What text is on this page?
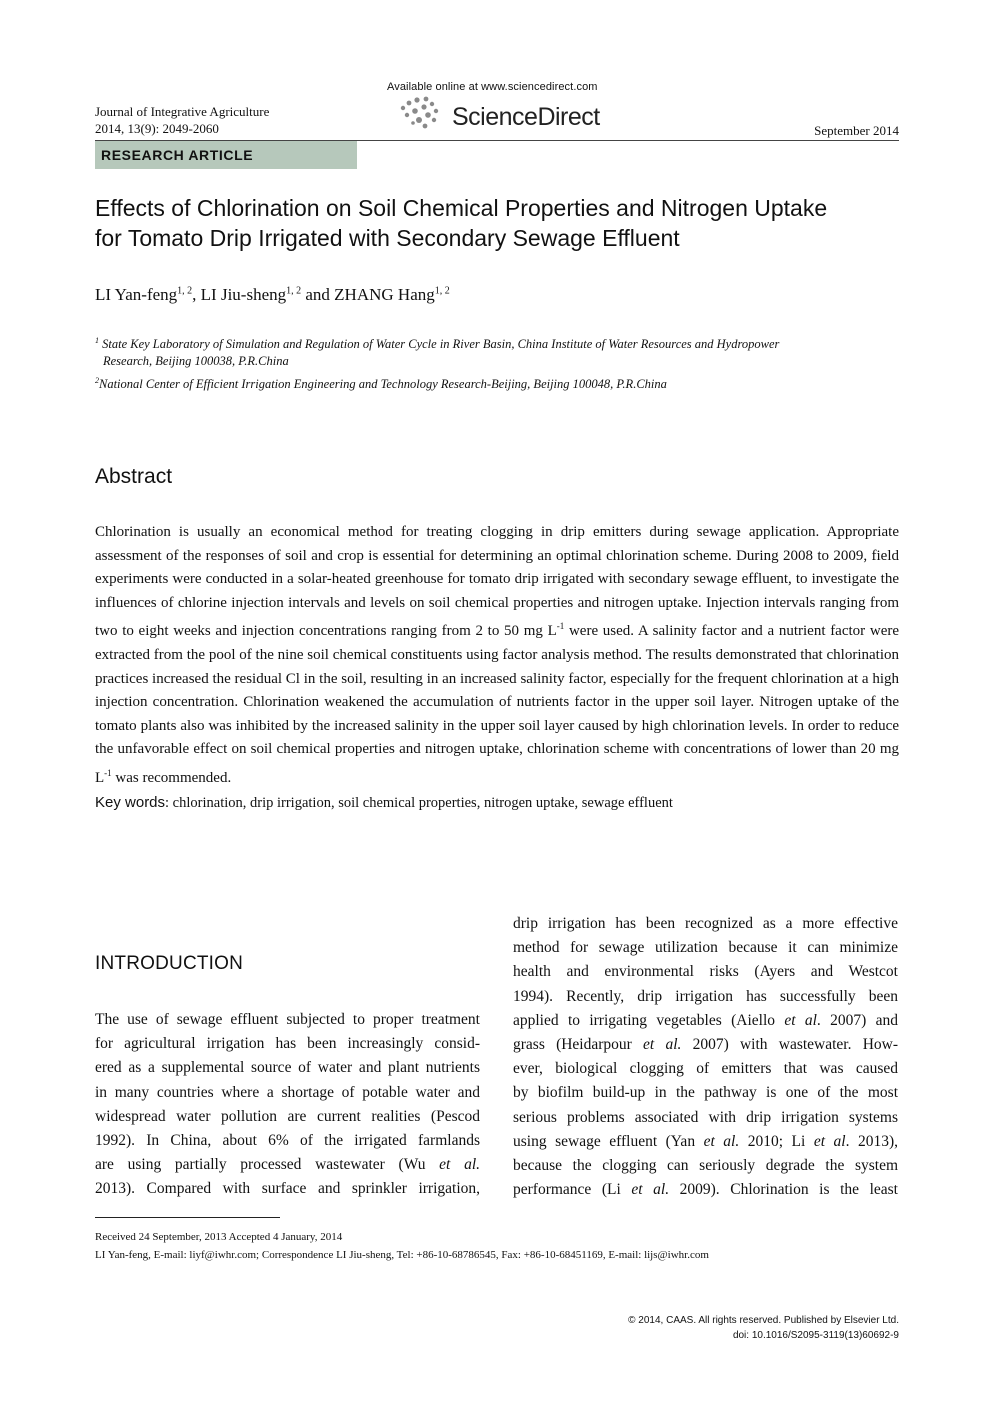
Journal of Integrative Agriculture
2014, 13(9): 2049-2060
Available online at www.sciencedirect.com
ScienceDirect	September 2014
RESEARCH ARTICLE
Effects of Chlorination on Soil Chemical Properties and Nitrogen Uptake
for Tomato Drip Irrigated with Secondary Sewage Effluent
LI Yan-feng$^{1, 2}$, LI Jiu-sheng$^{1, 2}$ and ZHANG Hang$^{1, 2}$
$^1$ State Key Laboratory of Simulation and Regulation of Water Cycle in River Basin, China Institute of Water Resources and Hydropower
Research, Beijing 100038, P.R.China
$^2$National Center of Efficient Irrigation Engineering and Technology Research-Beijing, Beijing 100048, P.R.China
Abstract
Chlorination is usually an economical method for treating clogging in drip emitters during sewage application. Appropriate assessment of the responses of soil and crop is essential for determining an optimal chlorination scheme. During 2008 to 2009, field experiments were conducted in a solar-heated greenhouse for tomato drip irrigated with secondary sewage effluent, to investigate the influences of chlorine injection intervals and levels on soil chemical properties and nitrogen uptake. Injection intervals ranging from two to eight weeks and injection concentrations ranging from 2 to 50 mg $L^{-1}$ were used. A salinity factor and a nutrient factor were extracted from the pool of the nine soil chemical constituents using factor analysis method. The results demonstrated that chlorination practices increased the residual Cl in the soil, resulting in an increased salinity factor, especially for the frequent chlorination at a high injection concentration. Chlorination weakened the accumulation of nutrients factor in the upper soil layer. Nitrogen uptake of the tomato plants also was inhibited by the increased salinity in the upper soil layer caused by high chlorination levels. In order to reduce the unfavorable effect on soil chemical properties and nitrogen uptake, chlorination scheme with concentrations of lower than 20 mg $L^{-1}$ was recommended.
Key words: chlorination, drip irrigation, soil chemical properties, nitrogen uptake, sewage effluent
INTRODUCTION
The use of sewage effluent subjected to proper treatment
for agricultural irrigation has been increasingly consid-
ered as a supplemental source of water and plant nutrients
in many countries where a shortage of potable water and
widespread water pollution are current realities (Pescod
1992). In China, about 6% of the irrigated farmlands
are using partially processed wastewater (Wu et al.
2013). Compared with surface and sprinkler irrigation,
drip irrigation has been recognized as a more effective
method for sewage utilization because it can minimize
health and environmental risks (Ayers and Westcot
1994). Recently, drip irrigation has successfully been
applied to irrigating vegetables (Aiello et al. 2007) and
grass (Heidarpour et al. 2007) with wastewater. How-
ever, biological clogging of emitters that was caused
by biofilm build-up in the pathway is one of the most
serious problems associated with drip irrigation systems
using sewage effluent (Yan et al. 2010; Li et al. 2013),
because the clogging can seriously degrade the system
performance (Li et al. 2009). Chlorination is the least
Received 24 September, 2013 Accepted 4 January, 2014
LI Yan-feng, E-mail: liyf@iwhr.com; Correspondence LI Jiu-sheng, Tel: +86-10-68786545, Fax: +86-10-68451169, E-mail: lijs@iwhr.com
© 2014, CAAS. All rights reserved. Published by Elsevier Ltd.
doi: 10.1016/S2095-3119(13)60692-9
